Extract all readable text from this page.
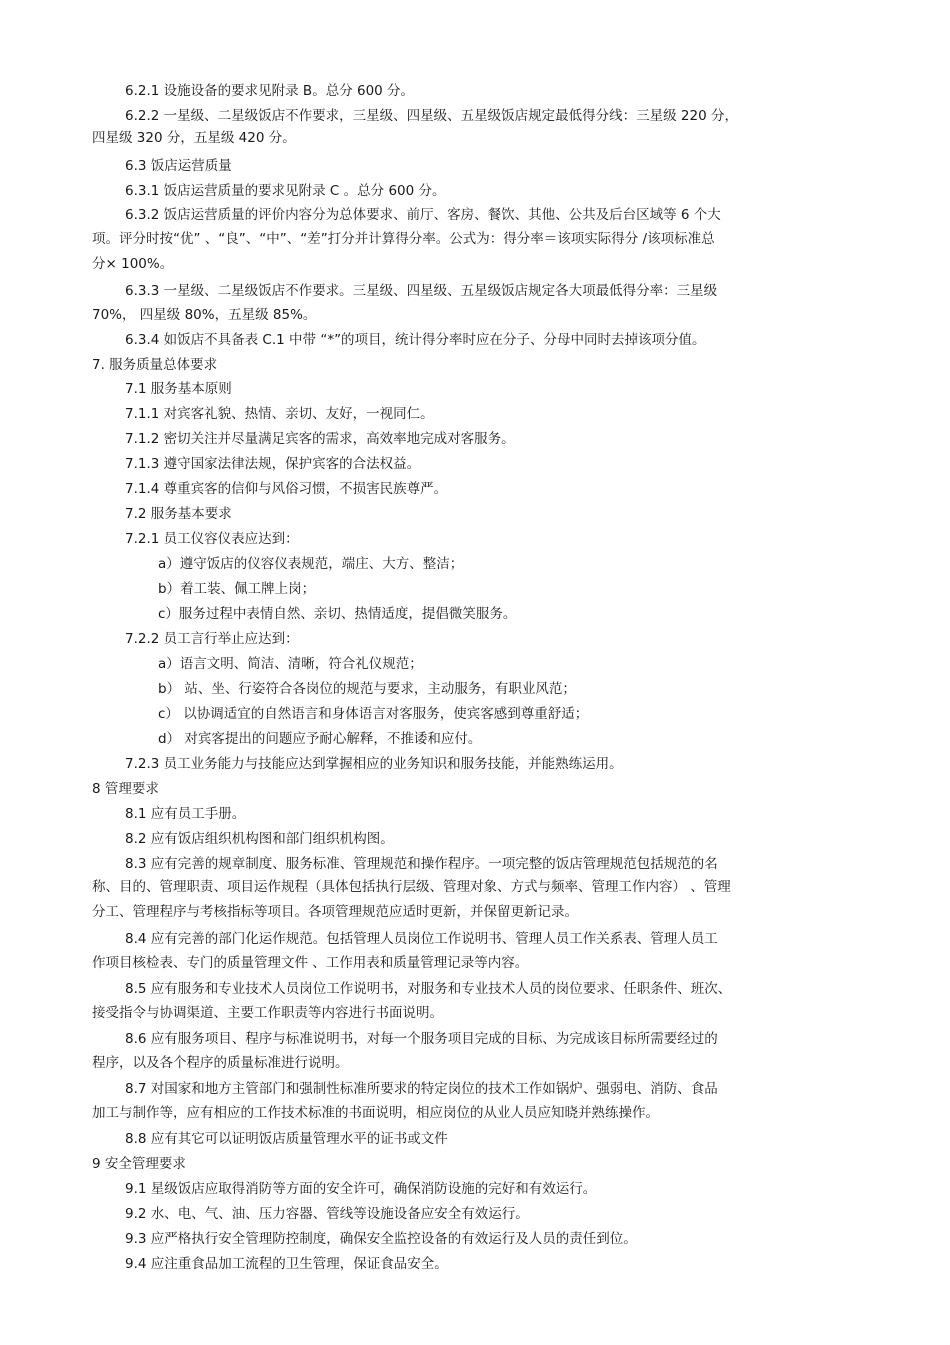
6.2.1 设施设备的要求见附录 B。总分 600 分。
6.2.2 一星级、二星级饭店不作要求，三星级、四星级、五星级饭店规定最低得分线：三星级 220 分，
四星级 320 分，五星级 420 分。
6.3 饭店运营质量
6.3.1 饭店运营质量的要求见附录 C 。总分 600 分。
6.3.2 饭店运营质量的评价内容分为总体要求、前厅、客房、餐饮、其他、公共及后台区域等 6 个大
项。评分时按“优” 、“良”、“中”、“差”打分并计算得分率。公式为：得分率＝该项实际得分 /该项标准总
分× 100%。
6.3.3 一星级、二星级饭店不作要求。三星级、四星级、五星级饭店规定各大项最低得分率：三星级
70%， 四星级 80%，五星级 85%。
6.3.4 如饭店不具备表 C.1 中带 “*”的项目，统计得分率时应在分子、分母中同时去掉该项分值。
7. 服务质量总体要求
7.1 服务基本原则
7.1.1 对宾客礼貌、热情、亲切、友好，一视同仁。
7.1.2 密切关注并尽量满足宾客的需求，高效率地完成对客服务。
7.1.3 遵守国家法律法规，保护宾客的合法权益。
7.1.4 尊重宾客的信仰与风俗习惯，不损害民族尊严。
7.2 服务基本要求
7.2.1 员工仪容仪表应达到：
a）遵守饭店的仪容仪表规范，端庄、大方、整洁；
b）着工装、佩工牌上岗；
c）服务过程中表情自然、亲切、热情适度，提倡微笑服务。
7.2.2 员工言行举止应达到：
a）语言文明、简洁、清晰，符合礼仪规范；
b） 站、坐、行姿符合各岗位的规范与要求，主动服务，有职业风范；
c） 以协调适宜的自然语言和身体语言对客服务，使宾客感到尊重舒适；
d） 对宾客提出的问题应予耐心解释，不推诿和应付。
7.2.3 员工业务能力与技能应达到掌握相应的业务知识和服务技能，并能熟练运用。
8 管理要求
8.1 应有员工手册。
8.2 应有饭店组织机构图和部门组织机构图。
8.3 应有完善的规章制度、服务标准、管理规范和操作程序。一项完整的饭店管理规范包括规范的名
称、目的、管理职责、项目运作规程（具体包括执行层级、管理对象、方式与频率、管理工作内容） 、管理
分工、管理程序与考核指标等项目。各项管理规范应适时更新，并保留更新记录。
8.4 应有完善的部门化运作规范。包括管理人员岗位工作说明书、管理人员工作关系表、管理人员工
作项目核检表、专门的质量管理文件 、工作用表和质量管理记录等内容。
8.5 应有服务和专业技术人员岗位工作说明书，对服务和专业技术人员的岗位要求、任职条件、班次、
接受指令与协调渠道、主要工作职责等内容进行书面说明。
8.6 应有服务项目、程序与标准说明书，对每一个服务项目完成的目标、为完成该目标所需要经过的
程序，以及各个程序的质量标准进行说明。
8.7 对国家和地方主管部门和强制性标准所要求的特定岗位的技术工作如锅炉、强弱电、消防、食品
加工与制作等，应有相应的工作技术标准的书面说明，相应岗位的从业人员应知晓并熟练操作。
8.8 应有其它可以证明饭店质量管理水平的证书或文件
9 安全管理要求
9.1 星级饭店应取得消防等方面的安全许可，确保消防设施的完好和有效运行。
9.2 水、电、气、油、压力容器、管线等设施设备应安全有效运行。
9.3 应严格执行安全管理防控制度，确保安全监控设备的有效运行及人员的责任到位。
9.4 应注重食品加工流程的卫生管理，保证食品安全。
